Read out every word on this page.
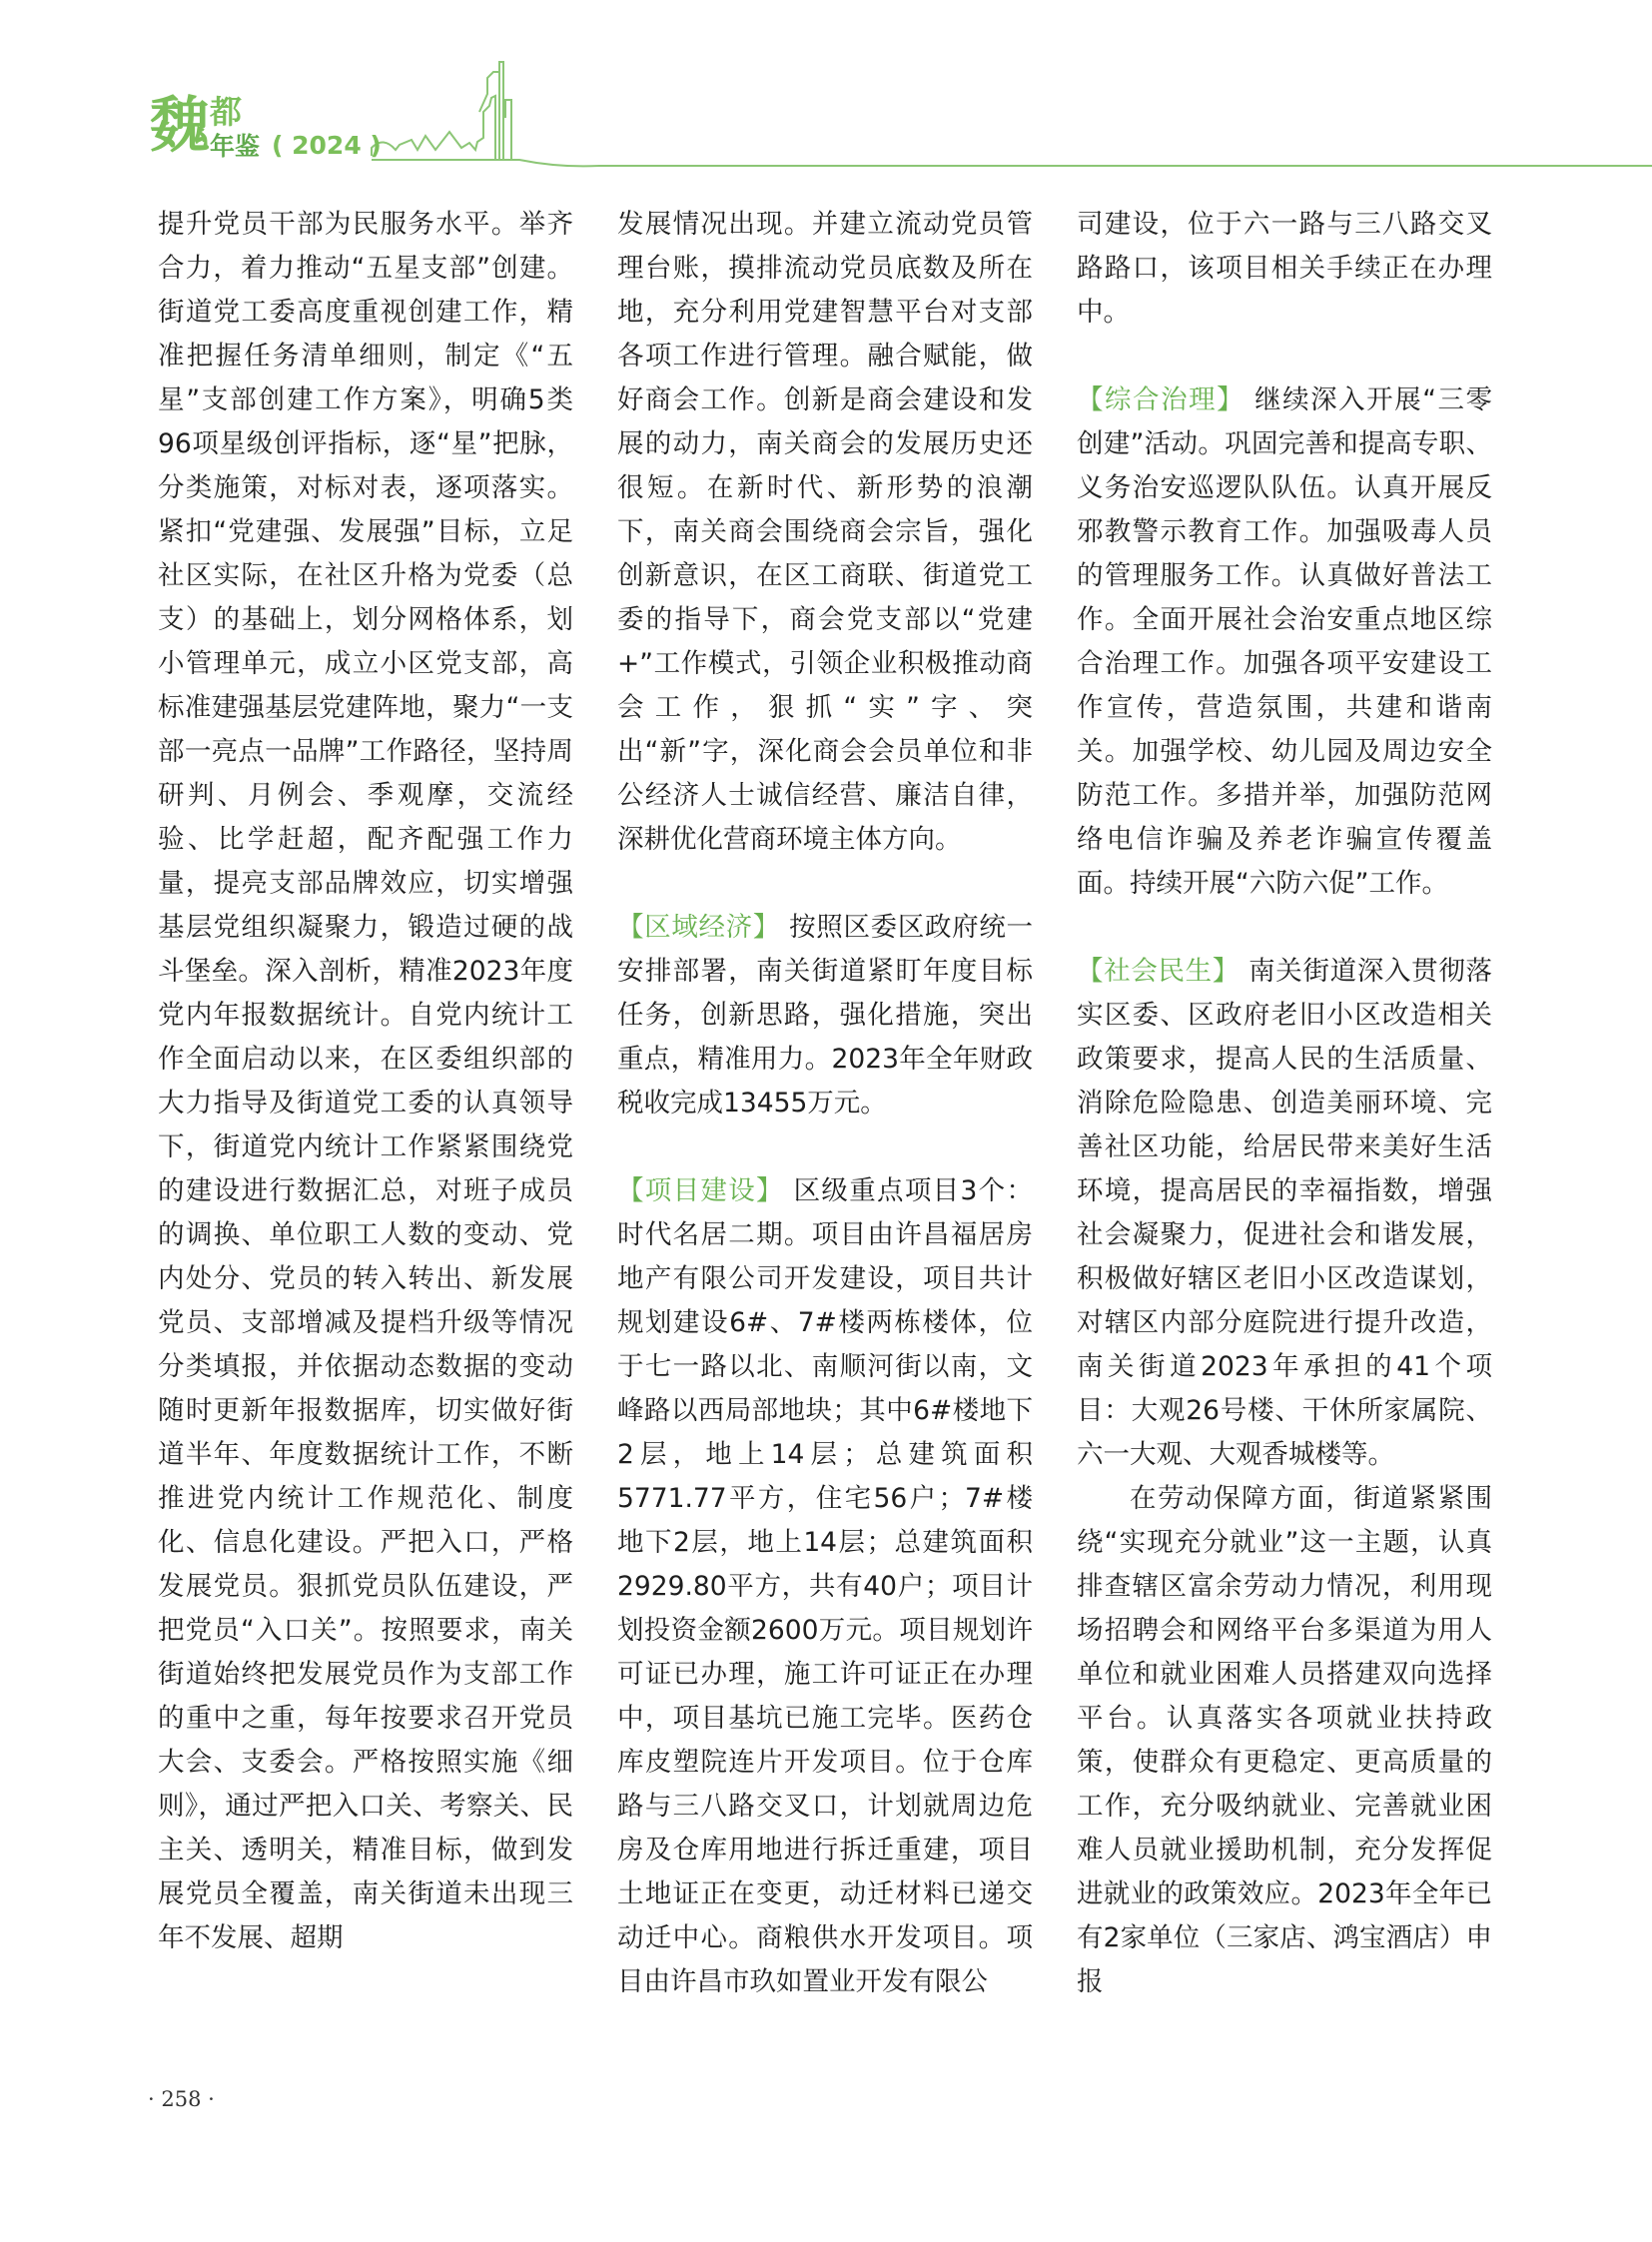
魏 都
年鉴 ( 2024 )

提升党员干部为民服务水平。举齐合力，着力推动“五星支部”创建。街道党工委高度重视创建工作，精准把握任务清单细则，制定《“五星”支部创建工作方案》，明确5类96项星级创评指标，逐“星”把脉，分类施策，对标对表，逐项落实。紧扣“党建强、发展强”目标，立足社区实际，在社区升格为党委（总支）的基础上，划分网格体系，划小管理单元，成立小区党支部，高标准建强基层党建阵地，聚力“一支部一亮点一品牌”工作路径，坚持周研判、月例会、季观摩，交流经验、比学赶超，配齐配强工作力量，提亮支部品牌效应，切实增强基层党组织凝聚力，锻造过硬的战斗堡垒。深入剖析，精准2023年度党内年报数据统计。自党内统计工作全面启动以来，在区委组织部的大力指导及街道党工委的认真领导下，街道党内统计工作紧紧围绕党的建设进行数据汇总，对班子成员的调换、单位职工人数的变动、党内处分、党员的转入转出、新发展党员、支部增减及提档升级等情况分类填报，并依据动态数据的变动随时更新年报数据库，切实做好街道半年、年度数据统计工作，不断推进党内统计工作规范化、制度化、信息化建设。严把入口，严格发展党员。狠抓党员队伍建设，严把党员“入口关”。按照要求，南关街道始终把发展党员作为支部工作的重中之重，每年按要求召开党员大会、支委会。严格按照实施《细则》，通过严把入口关、考察关、民主关、透明关，精准目标，做到发展党员全覆盖，南关街道未出现三年不发展、超期

发展情况出现。并建立流动党员管理台账，摸排流动党员底数及所在地，充分利用党建智慧平台对支部各项工作进行管理。融合赋能，做好商会工作。创新是商会建设和发展的动力，南关商会的发展历史还很短。在新时代、新形势的浪潮下，南关商会围绕商会宗旨，强化创新意识，在区工商联、街道党工委的指导下，商会党支部以“党建+”工作模式，引领企业积极推动商会工作，狠抓“实”字、突出“新”字，深化商会会员单位和非公经济人士诚信经营、廉洁自律，深耕优化营商环境主体方向。

【区域经济】 按照区委区政府统一安排部署，南关街道紧盯年度目标任务，创新思路，强化措施，突出重点，精准用力。2023年全年财政税收完成13455万元。

【项目建设】 区级重点项目3个：时代名居二期。项目由许昌福居房地产有限公司开发建设，项目共计规划建设6#、7#楼两栋楼体，位于七一路以北、南顺河街以南，文峰路以西局部地块；其中6#楼地下2层，地上14层；总建筑面积5771.77平方，住宅56户；7#楼地下2层，地上14层；总建筑面积2929.80平方，共有40户；项目计划投资金额2600万元。项目规划许可证已办理，施工许可证正在办理中，项目基坑已施工完毕。医药仓库皮塑院连片开发项目。位于仓库路与三八路交叉口，计划就周边危房及仓库用地进行拆迁重建，项目土地证正在变更，动迁材料已递交动迁中心。商粮供水开发项目。项目由许昌市玖如置业开发有限公

司建设，位于六一路与三八路交叉路路口，该项目相关手续正在办理中。

【综合治理】 继续深入开展“三零创建”活动。巩固完善和提高专职、义务治安巡逻队队伍。认真开展反邪教警示教育工作。加强吸毒人员的管理服务工作。认真做好普法工作。全面开展社会治安重点地区综合治理工作。加强各项平安建设工作宣传，营造氛围，共建和谐南关。加强学校、幼儿园及周边安全防范工作。多措并举，加强防范网络电信诈骗及养老诈骗宣传覆盖面。持续开展“六防六促”工作。

【社会民生】 南关街道深入贯彻落实区委、区政府老旧小区改造相关政策要求，提高人民的生活质量、消除危险隐患、创造美丽环境、完善社区功能，给居民带来美好生活环境，提高居民的幸福指数，增强社会凝聚力，促进社会和谐发展，积极做好辖区老旧小区改造谋划，对辖区内部分庭院进行提升改造，南关街道2023年承担的41个项目：大观26号楼、干休所家属院、六一大观、大观香城楼等。

在劳动保障方面，街道紧紧围绕“实现充分就业”这一主题，认真排查辖区富余劳动力情况，利用现场招聘会和网络平台多渠道为用人单位和就业困难人员搭建双向选择平台。认真落实各项就业扶持政策，使群众有更稳定、更高质量的工作，充分吸纳就业、完善就业困难人员就业援助机制，充分发挥促进就业的政策效应。2023年全年已有2家单位（三家店、鸿宝酒店）申报

· 258 ·
